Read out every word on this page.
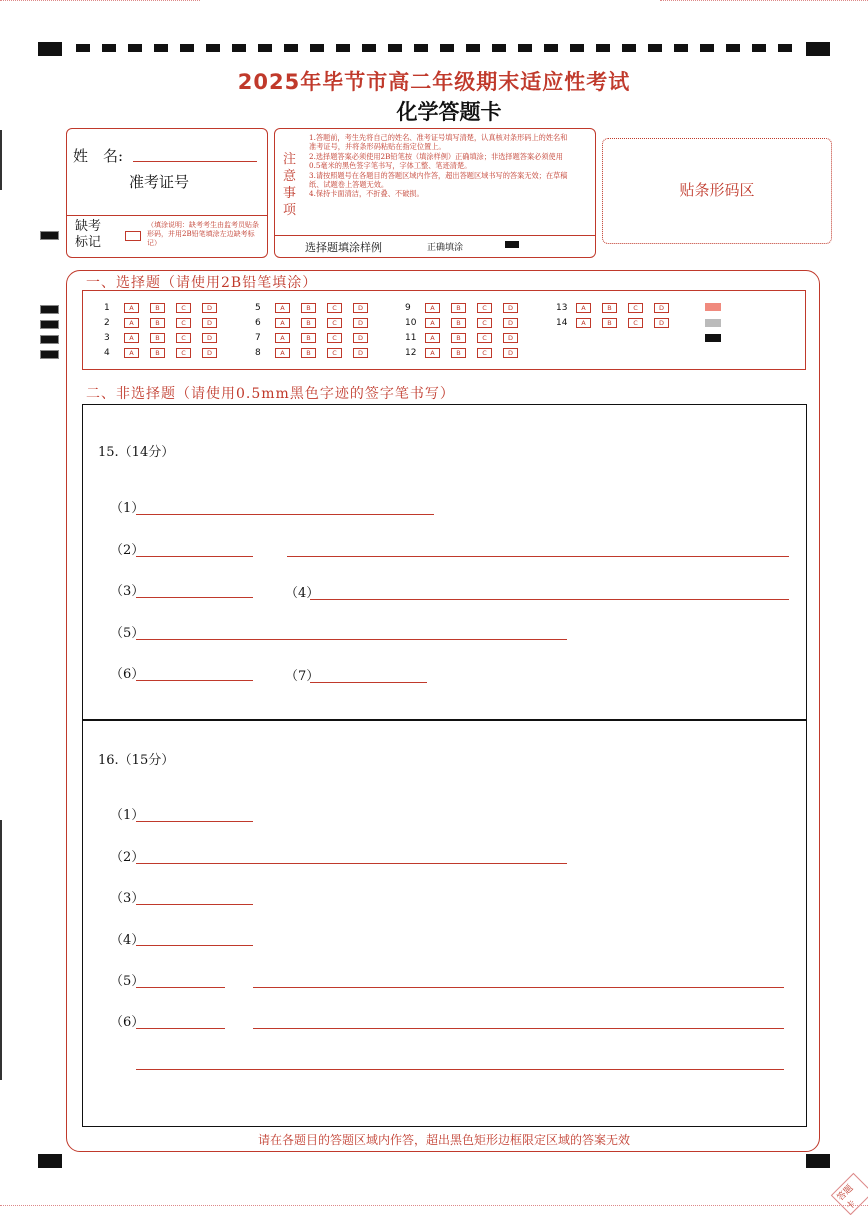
2025年毕节市高二年级期末适应性考试
化学答题卡
姓　名:
准考证号
缺考
标记
（填涂说明：缺考考生由监考员贴条形码，并用2B铅笔填涂左边缺考标记）
注
意
事
项
1.答题前，考生先将自己的姓名、准考证号填写清楚，认真核对条形码上的姓名和准考证号，并将条形码粘贴在指定位置上。
2.选择题答案必须使用2B铅笔按（填涂样例）正确填涂；非选择题答案必须使用0.5毫米的黑色签字笔书写，字体工整、笔迹清楚。
3.请按照题号在各题目的答题区域内作答，超出答题区域书写的答案无效；在草稿纸、试题卷上答题无效。
4.保持卡面清洁，不折叠、不破损。
选择题填涂样例	正确填涂
贴条形码区
一、选择题（请使用2B铅笔填涂）
1	A	B	C	D
2	A	B	C	D
3	A	B	C	D
4	A	B	C	D
5	A	B	C	D
6	A	B	C	D
7	A	B	C	D
8	A	B	C	D
9	A	B	C	D
10 A	B	C	D
11 A	B	C	D
12 A	B	C	D
13 A	B	C	D
14 A	B	C	D
二、非选择题（请使用0.5mm黑色字迹的签字笔书写）
15.（14分）
（1）
（2）
（3）	（4）
（5）
（6）	（7）
16.（15分）
（1）
（2）
（3）
（4）
（5）
（6）
请在各题目的答题区域内作答，超出黑色矩形边框限定区域的答案无效
答题卡
